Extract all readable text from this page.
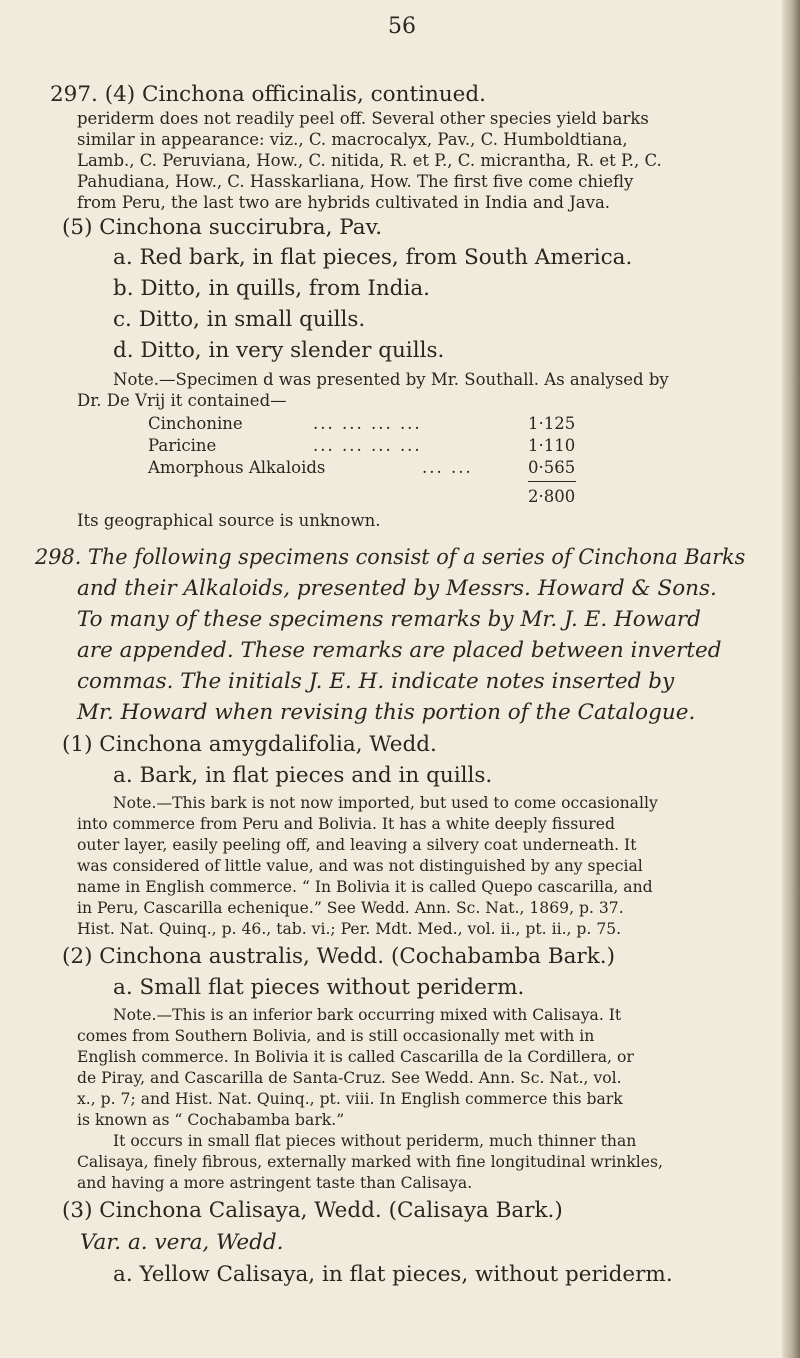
56
297. (4) Cinchona officinalis, continued.
periderm does not readily peel off. Several other species yield barks
similar in appearance: viz., C. macrocalyx, Pav., C. Humboldtiana,
Lamb., C. Peruviana, How., C. nitida, R. et P., C. micrantha, R. et P., C.
Pahudiana, How., C. Hasskarliana, How. The first five come chiefly
from Peru, the last two are hybrids cultivated in India and Java.
(5) Cinchona succirubra, Pav.
a. Red bark, in flat pieces, from South America.
b. Ditto, in quills, from India.
c. Ditto, in small quills.
d. Ditto, in very slender quills.
Note.—Specimen d was presented by Mr. Southall. As analysed by
Dr. De Vrij it contained—
Cinchonine	... ... ... ...	1·125
Paricine	... ... ... ...	1·110
Amorphous Alkaloids	... ...	0·565
2·800
Its geographical source is unknown.
298. The following specimens consist of a series of Cinchona Barks
and their Alkaloids, presented by Messrs. Howard & Sons.
To many of these specimens remarks by Mr. J. E. Howard
are appended. These remarks are placed between inverted
commas. The initials J. E. H. indicate notes inserted by
Mr. Howard when revising this portion of the Catalogue.
(1) Cinchona amygdalifolia, Wedd.
a. Bark, in flat pieces and in quills.
Note.—This bark is not now imported, but used to come occasionally
into commerce from Peru and Bolivia. It has a white deeply fissured
outer layer, easily peeling off, and leaving a silvery coat underneath. It
was considered of little value, and was not distinguished by any special
name in English commerce. “ In Bolivia it is called Quepo cascarilla, and
in Peru, Cascarilla echenique.” See Wedd. Ann. Sc. Nat., 1869, p. 37.
Hist. Nat. Quinq., p. 46., tab. vi.; Per. Mdt. Med., vol. ii., pt. ii., p. 75.
(2) Cinchona australis, Wedd. (Cochabamba Bark.)
a. Small flat pieces without periderm.
Note.—This is an inferior bark occurring mixed with Calisaya. It
comes from Southern Bolivia, and is still occasionally met with in
English commerce. In Bolivia it is called Cascarilla de la Cordillera, or
de Piray, and Cascarilla de Santa-Cruz. See Wedd. Ann. Sc. Nat., vol.
x., p. 7; and Hist. Nat. Quinq., pt. viii. In English commerce this bark
is known as “ Cochabamba bark.”
It occurs in small flat pieces without periderm, much thinner than
Calisaya, finely fibrous, externally marked with fine longitudinal wrinkles,
and having a more astringent taste than Calisaya.
(3) Cinchona Calisaya, Wedd. (Calisaya Bark.)
Var. a. vera, Wedd.
a. Yellow Calisaya, in flat pieces, without periderm.
